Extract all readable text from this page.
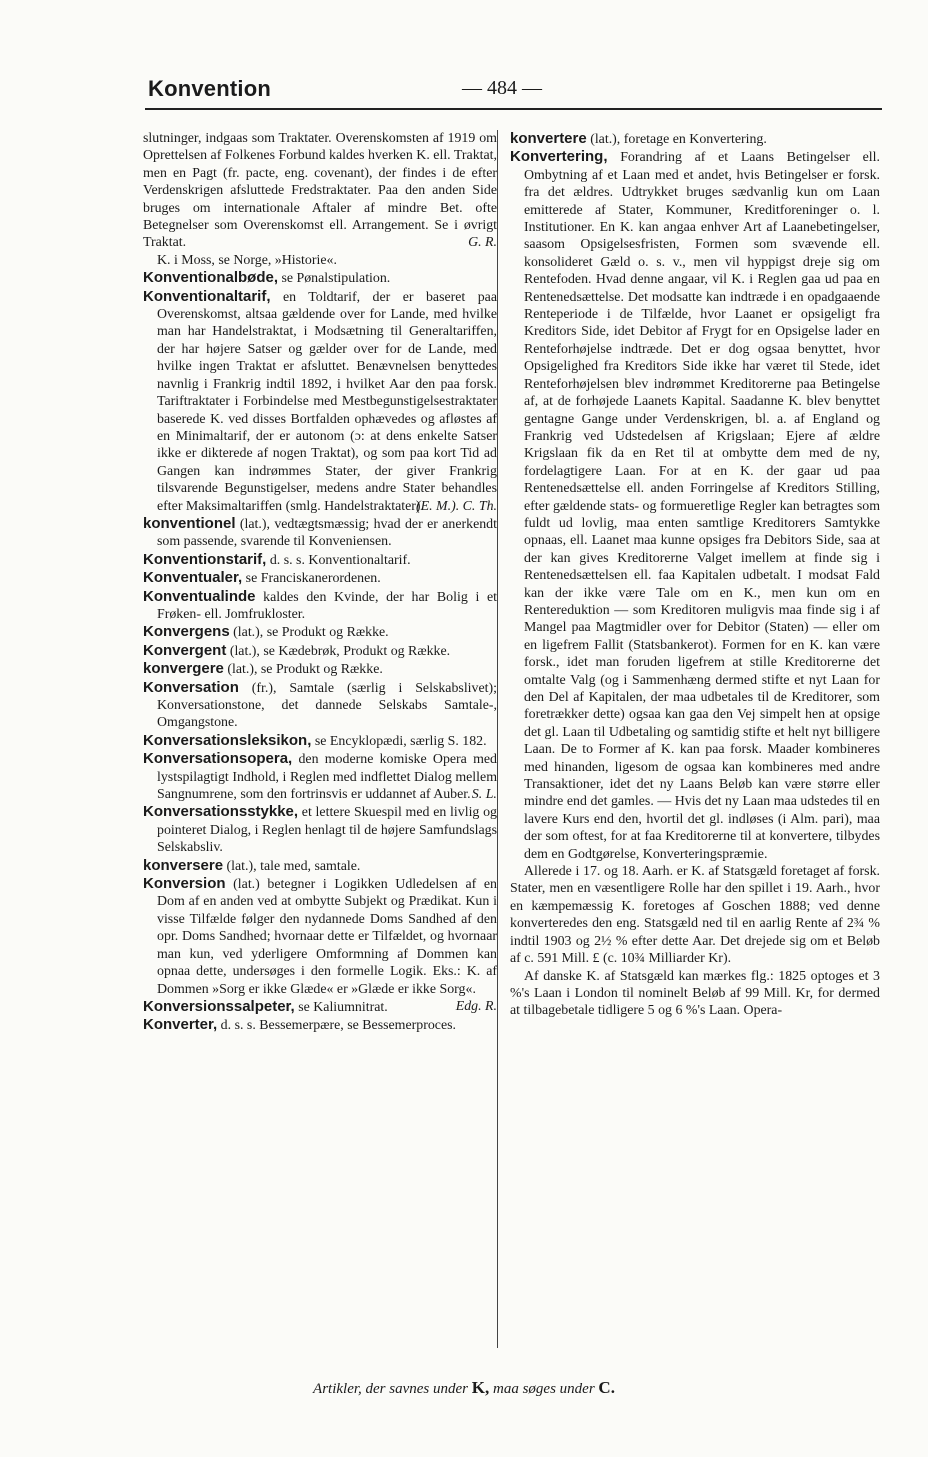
Konvention	— 484 —

slutninger, indgaas som Traktater. Overenskomsten af 1919 om Oprettelsen af Folkenes Forbund kaldes hverken K. ell. Traktat, men en Pagt (fr. pacte, eng. covenant), der findes i de efter Verdenskrigen afsluttede Fredstraktater. Paa den anden Side bruges om internationale Aftaler af mindre Bet. ofte Betegnelser som Overenskomst ell. Arrangement. Se i øvrigt Traktat.	G. R.

K. i Moss, se Norge, »Historie«.

Konventionalbøde, se Pønalstipulation.

Konventionaltarif, en Toldtarif, der er baseret paa Overenskomst, altsaa gældende over for Lande, med hvilke man har Handelstraktat, i Modsætning til Generaltariffen, der har højere Satser og gælder over for de Lande, med hvilke ingen Traktat er afsluttet. Benævnelsen benyttedes navnlig i Frankrig indtil 1892, i hvilket Aar den paa forsk. Tariftraktater i Forbindelse med Mestbegunstigelsestraktater baserede K. ved disses Bortfalden ophævedes og afløstes af en Minimaltarif, der er autonom (ɔ: at dens enkelte Satser ikke er dikterede af nogen Traktat), og som paa kort Tid ad Gangen kan indrømmes Stater, der giver Frankrig tilsvarende Begunstigelser, medens andre Stater behandles efter Maksimaltariffen (smlg. Handelstraktater).
(E. M.). C. Th.

konventionel (lat.), vedtægtsmæssig; hvad der er anerkendt som passende, svarende til Konveniensen.

Konventionstarif, d. s. s. Konventionaltarif.

Konventualer, se Franciskanerordenen.

Konventualinde kaldes den Kvinde, der har Bolig i et Frøken- ell. Jomfrukloster.

Konvergens (lat.), se Produkt og Række.

Konvergent (lat.), se Kædebrøk, Produkt og Række.

konvergere (lat.), se Produkt og Række.

Konversation (fr.), Samtale (særlig i Selskabslivet); Konversationstone, det dannede Selskabs Samtale-, Omgangstone.

Konversationsleksikon, se Encyklopædi, særlig S. 182.

Konversationsopera, den moderne komiske Opera med lystspilagtigt Indhold, i Reglen med indflettet Dialog mellem Sangnumrene, som den fortrinsvis er uddannet af Auber. S. L.

Konversationsstykke, et lettere Skuespil med en livlig og pointeret Dialog, i Reglen henlagt til de højere Samfundslags Selskabsliv.

konversere (lat.), tale med, samtale.

Konversion (lat.) betegner i Logikken Udledelsen af en Dom af en anden ved at ombytte Subjekt og Prædikat. Kun i visse Tilfælde følger den nydannede Doms Sandhed af den opr. Doms Sandhed; hvornaar dette er Tilfældet, og hvornaar man kun, ved yderligere Omformning af Dommen kan opnaa dette, undersøges i den formelle Logik. Eks.: K. af Dommen »Sorg er ikke Glæde« er »Glæde er ikke Sorg«.
Edg. R.

Konversionssalpeter, se Kaliumnitrat.

Konverter, d. s. s. Bessemerpære, se Bessemerproces.

konvertere (lat.), foretage en Konvertering.

Konvertering, Forandring af et Laans Betingelser ell. Ombytning af et Laan med et andet, hvis Betingelser er forsk. fra det ældres. Udtrykket bruges sædvanlig kun om Laan emitterede af Stater, Kommuner, Kreditforeninger o. l. Institutioner. En K. kan angaa enhver Art af Laanebetingelser, saasom Opsigelsesfristen, Formen som svævende ell. konsolideret Gæld o. s. v., men vil hyppigst dreje sig om Rentefoden. Hvad denne angaar, vil K. i Reglen gaa ud paa en Rentenedsættelse. Det modsatte kan indtræde i en opadgaaende Renteperiode i de Tilfælde, hvor Laanet er opsigeligt fra Kreditors Side, idet Debitor af Frygt for en Opsigelse lader en Renteforhøjelse indtræde. Det er dog ogsaa benyttet, hvor Opsigelighed fra Kreditors Side ikke har været til Stede, idet Renteforhøjelsen blev indrømmet Kreditorerne paa Betingelse af, at de forhøjede Laanets Kapital. Saadanne K. blev benyttet gentagne Gange under Verdenskrigen, bl. a. af England og Frankrig ved Udstedelsen af Krigslaan; Ejere af ældre Krigslaan fik da en Ret til at ombytte dem med de ny, fordelagtigere Laan. For at en K. der gaar ud paa Rentenedsættelse ell. anden Forringelse af Kreditors Stilling, efter gældende stats- og formueretlige Regler kan betragtes som fuldt ud lovlig, maa enten samtlige Kreditorers Samtykke opnaas, ell. Laanet maa kunne opsiges fra Debitors Side, saa at der kan gives Kreditorerne Valget imellem at finde sig i Rentenedsættelsen ell. faa Kapitalen udbetalt. I modsat Fald kan der ikke være Tale om en K., men kun om en Rentereduktion — som Kreditoren muligvis maa finde sig i af Mangel paa Magtmidler over for Debitor (Staten) — eller om en ligefrem Fallit (Statsbankerot). Formen for en K. kan være forsk., idet man foruden ligefrem at stille Kreditorerne det omtalte Valg (og i Sammenhæng dermed stifte et nyt Laan for den Del af Kapitalen, der maa udbetales til de Kreditorer, som foretrækker dette) ogsaa kan gaa den Vej simpelt hen at opsige det gl. Laan til Udbetaling og samtidig stifte et helt nyt billigere Laan. De to Former af K. kan paa forsk. Maader kombineres med hinanden, ligesom de ogsaa kan kombineres med andre Transaktioner, idet det ny Laans Beløb kan være større eller mindre end det gamles. — Hvis det ny Laan maa udstedes til en lavere Kurs end den, hvortil det gl. indløses (i Alm. pari), maa der som oftest, for at faa Kreditorerne til at konvertere, tilbydes dem en Godtgørelse, Konverteringspræmie.

Allerede i 17. og 18. Aarh. er K. af Statsgæld foretaget af forsk. Stater, men en væsentligere Rolle har den spillet i 19. Aarh., hvor en kæmpemæssig K. foretoges af Goschen 1888; ved denne konverteredes den eng. Statsgæld ned til en aarlig Rente af 2¾ % indtil 1903 og 2½ % efter dette Aar. Det drejede sig om et Beløb af c. 591 Mill. £ (c. 10¾ Milliarder Kr).

Af danske K. af Statsgæld kan mærkes flg.: 1825 optoges et 3 %'s Laan i London til nominelt Beløb af 99 Mill. Kr, for dermed at tilbagebetale tidligere 5 og 6 %'s Laan. Opera-

Artikler, der savnes under K, maa søges under C.
